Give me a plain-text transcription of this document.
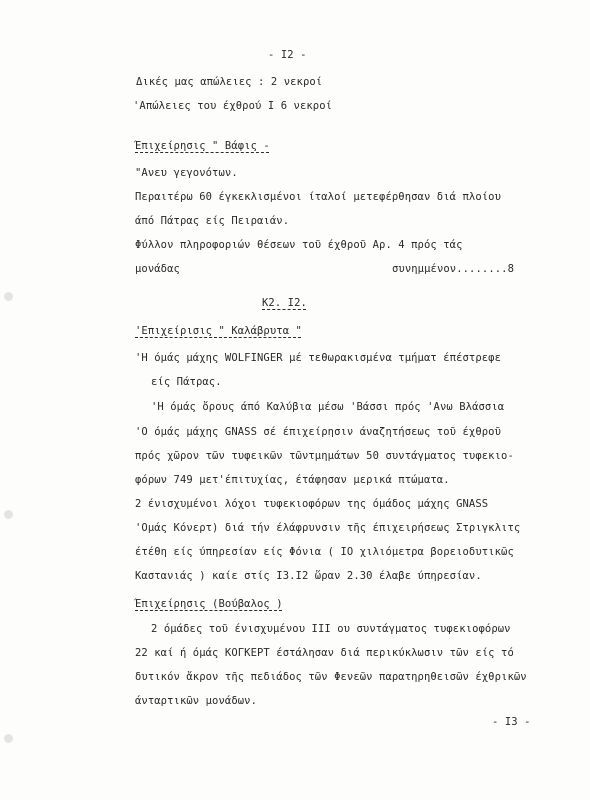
- I2 -
Δικές μας απώλειες : 2 νεκροί
'Απώλειες του έχθρού I 6 νεκροί
Έπιχείρησις " Βάφις -
"Ανευ γεγονότων.
Περαιτέρω 60 έγκεκλισμένοι ίταλοί μετεφέρθησαν διά πλοίου
άπό Πάτρας είς Πειραιάν.
Φύλλον πληροφοριών θέσεων τοῦ έχθροῦ Αρ. 4 πρός τάς
μονάδας	συνημμένον........8
Κ2. I2.
'Επιχείρισις " Καλάβρυτα "
'Η όμάς μάχης WOLFINGER μέ τεθωρακισμένα τμήματ έπέστρεφε
είς Πάτρας.
'Η όμάς ὄρους άπό Καλύβια μέσω 'Βάσσι πρός 'Ανω Βλάσσια
'Ο όμάς μάχης GNASS σέ έπιχείρησιν άναζητήσεως τοῦ έχθροῦ
πρός χῶρον τῶν τυφεικῶν τῶντμημάτων 50 συντάγματος τυφεκιο-
φόρων 749 μετ'έπιτυχίας, έτάφησαν μερικά πτώματα.
2 ένισχυμένοι λόχοι τυφεκιοφόρων της όμάδος μάχης GNASS
'Ομάς Κόνερτ) διά τήν έλάφρυνσιν τῆς έπιχειρήσεως Στριγκλιτς
έτέθη είς ύπηρεσίαν είς Φόνια ( IO χιλιόμετρα βορειοδυτικῶς
Καστανιάς ) καίε στίς I3.I2 ὥραν 2.30 έλαβε ύπηρεσίαν.
Έπιχείρησις (Βούβαλος )
2 όμάδες τοῦ ένισχυμένου III ου συντάγματος τυφεκιοφόρων
22 καί ή όμάς KOΓKEPT έστάλησαν διά περικύκλωσιν τῶν είς τό
δυτικόν ἄκρον τῆς πεδιάδος τῶν Φενεῶν παρατηρηθεισῶν έχθρικῶν
άνταρτικῶν μονάδων.
- I3 -
